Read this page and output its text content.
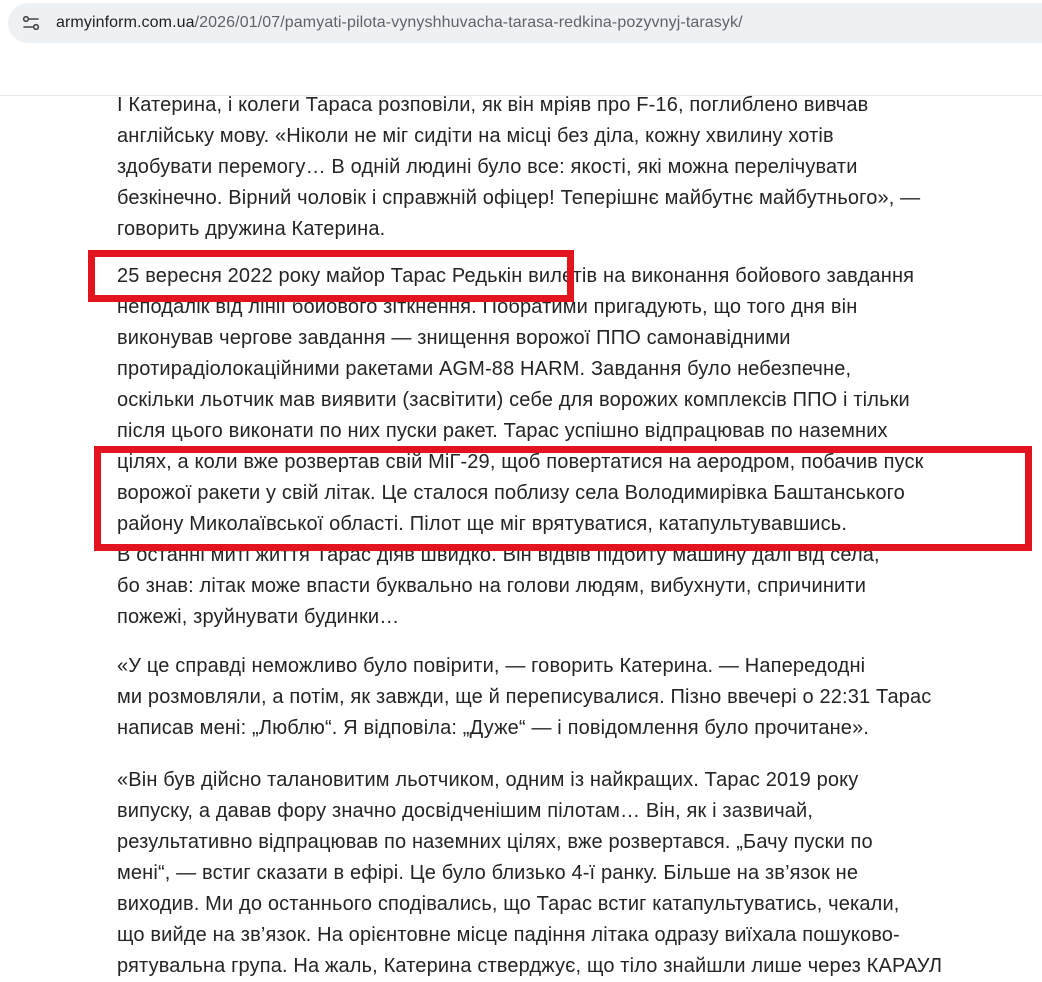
armyinform.com.ua/2026/01/07/pamyati-pilota-vynyshhuvacha-tarasa-redkina-pozyvnyj-tarasyk/

І Катерина, і колеги Тараса розповіли, як він мріяв про F-16, поглиблено вивчав
англійську мову. «Ніколи не міг сидіти на місці без діла, кожну хвилину хотів
здобувати перемогу… В одній людині було все: якості, які можна перелічувати
безкінечно. Вірний чоловік і справжній офіцер! Теперішнє майбутнє майбутнього», —
говорить дружина Катерина.

25 вересня 2022 року майор Тарас Редькін вилетів на виконання бойового завдання
неподалік від лінії бойового зіткнення. Побратими пригадують, що того дня він
виконував чергове завдання — знищення ворожої ППО самонавідними
протирадіолокаційними ракетами AGM-88 HARM. Завдання було небезпечне,
оскільки льотчик мав виявити (засвітити) себе для ворожих комплексів ППО і тільки
після цього виконати по них пуски ракет. Тарас успішно відпрацював по наземних
цілях, а коли вже розвертав свій МіГ-29, щоб повертатися на аеродром, побачив пуск
ворожої ракети у свій літак. Це сталося поблизу села Володимирівка Баштанського
району Миколаївської області. Пілот ще міг врятуватися, катапультувавшись.
В останні миті життя Тарас діяв швидко. Він відвів підбиту машину далі від села,
бо знав: літак може впасти буквально на голови людям, вибухнути, спричинити
пожежі, зруйнувати будинки…

«У це справді неможливо було повірити, — говорить Катерина. — Напередодні
ми розмовляли, а потім, як завжди, ще й переписувалися. Пізно ввечері о 22:31 Тарас
написав мені: „Люблю“. Я відповіла: „Дуже“ — і повідомлення було прочитане».

«Він був дійсно талановитим льотчиком, одним із найкращих. Тарас 2019 року
випуску, а давав фору значно досвідченішим пілотам… Він, як і зазвичай,
результативно відпрацював по наземних цілях, вже розвертався. „Бачу пуски по
мені“, — встиг сказати в ефірі. Це було близько 4-ї ранку. Більше на зв’язок не
виходив. Ми до останнього сподівались, що Тарас встиг катапультуватись, чекали,
що вийде на зв’язок. На орієнтовне місце падіння літака одразу виїхала пошуково-
рятувальна група. На жаль, Катерина стверджує, що тіло знайшли лише через КАРАУЛ
